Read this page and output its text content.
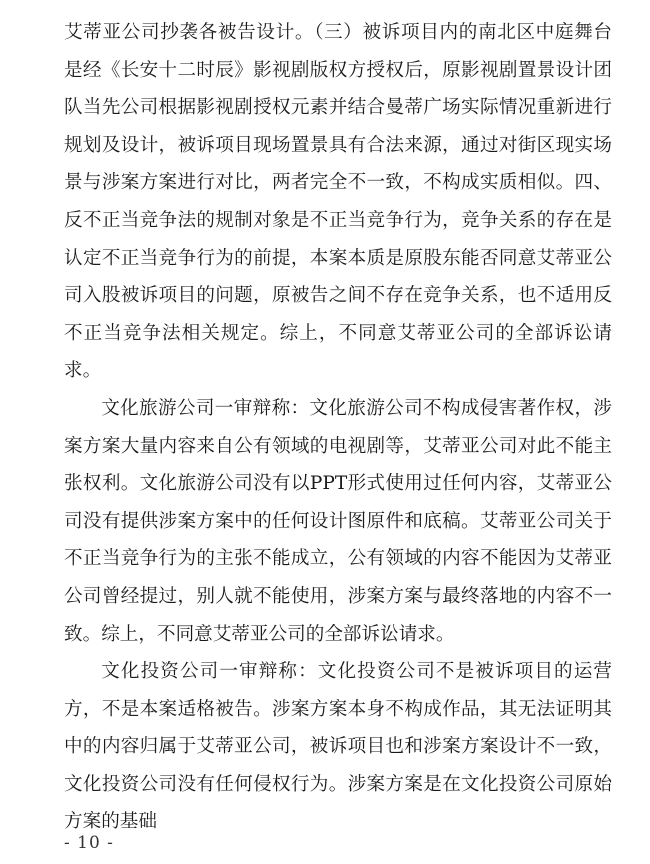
艾蒂亚公司抄袭各被告设计。（三）被诉项目内的南北区中庭舞台是经《长安十二时辰》影视剧版权方授权后，原影视剧置景设计团队当先公司根据影视剧授权元素并结合曼蒂广场实际情况重新进行规划及设计，被诉项目现场置景具有合法来源，通过对街区现实场景与涉案方案进行对比，两者完全不一致，不构成实质相似。四、反不正当竞争法的规制对象是不正当竞争行为，竞争关系的存在是认定不正当竞争行为的前提，本案本质是原股东能否同意艾蒂亚公司入股被诉项目的问题，原被告之间不存在竞争关系，也不适用反不正当竞争法相关规定。综上，不同意艾蒂亚公司的全部诉讼请求。

文化旅游公司一审辩称：文化旅游公司不构成侵害著作权，涉案方案大量内容来自公有领域的电视剧等，艾蒂亚公司对此不能主张权利。文化旅游公司没有以PPT形式使用过任何内容，艾蒂亚公司没有提供涉案方案中的任何设计图原件和底稿。艾蒂亚公司关于不正当竞争行为的主张不能成立，公有领域的内容不能因为艾蒂亚公司曾经提过，别人就不能使用，涉案方案与最终落地的内容不一致。综上，不同意艾蒂亚公司的全部诉讼请求。

文化投资公司一审辩称：文化投资公司不是被诉项目的运营方，不是本案适格被告。涉案方案本身不构成作品，其无法证明其中的内容归属于艾蒂亚公司，被诉项目也和涉案方案设计不一致，文化投资公司没有任何侵权行为。涉案方案是在文化投资公司原始方案的基础

- 10 -
